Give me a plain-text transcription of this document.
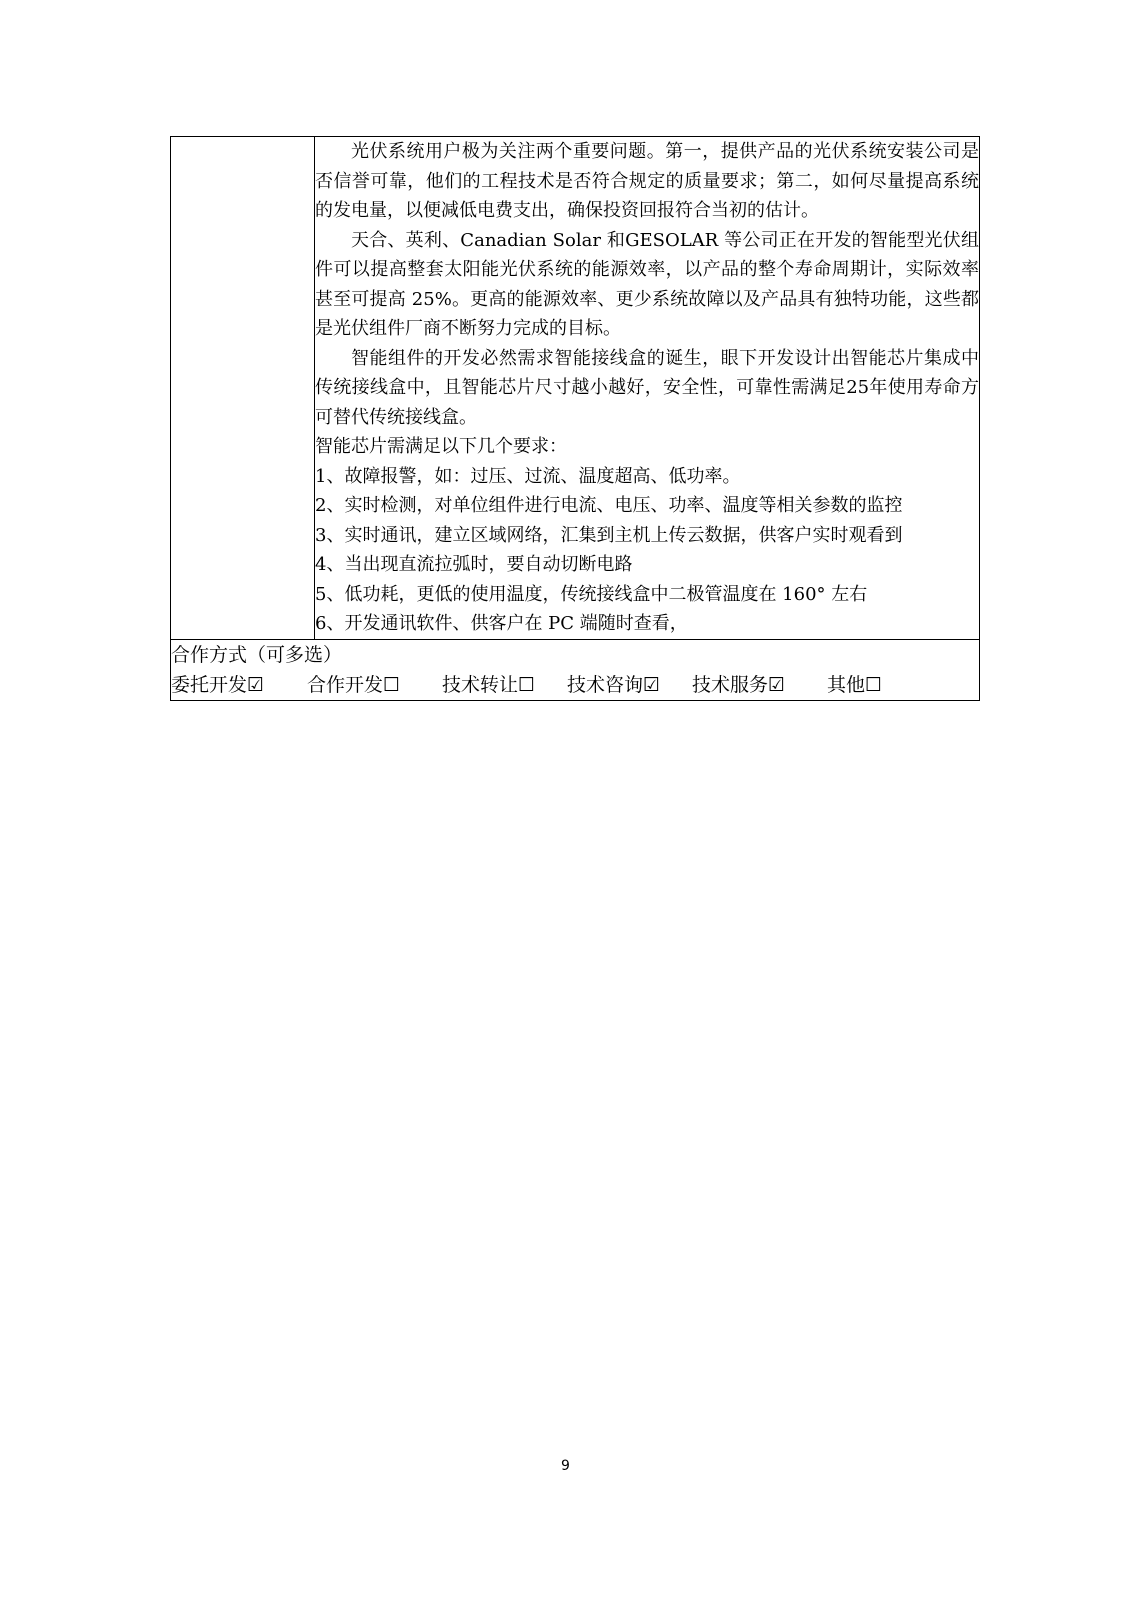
光伏系统用户极为关注两个重要问题。第一，提供产品的光伏系统安装公司是否信誉可靠，他们的工程技术是否符合规定的质量要求；第二，如何尽量提高系统的发电量，以便减低电费支出，确保投资回报符合当初的估计。

天合、英利、Canadian Solar 和GESOLAR 等公司正在开发的智能型光伏组件可以提高整套太阳能光伏系统的能源效率，以产品的整个寿命周期计，实际效率甚至可提高 25%。更高的能源效率、更少系统故障以及产品具有独特功能，这些都是光伏组件厂商不断努力完成的目标。

智能组件的开发必然需求智能接线盒的诞生，眼下开发设计出智能芯片集成中传统接线盒中，且智能芯片尺寸越小越好，安全性，可靠性需满足25年使用寿命方可替代传统接线盒。

智能芯片需满足以下几个要求：

1、故障报警，如：过压、过流、温度超高、低功率。

2、实时检测，对单位组件进行电流、电压、功率、温度等相关参数的监控

3、实时通讯，建立区域网络，汇集到主机上传云数据，供客户实时观看到

4、当出现直流拉弧时，要自动切断电路

5、低功耗，更低的使用温度，传统接线盒中二极管温度在 160° 左右

6、开发通讯软件、供客户在 PC 端随时查看，

合作方式（可多选）

委托开发☑	合作开发☐	技术转让☐	技术咨询☑	技术服务☑	其他☐
9
